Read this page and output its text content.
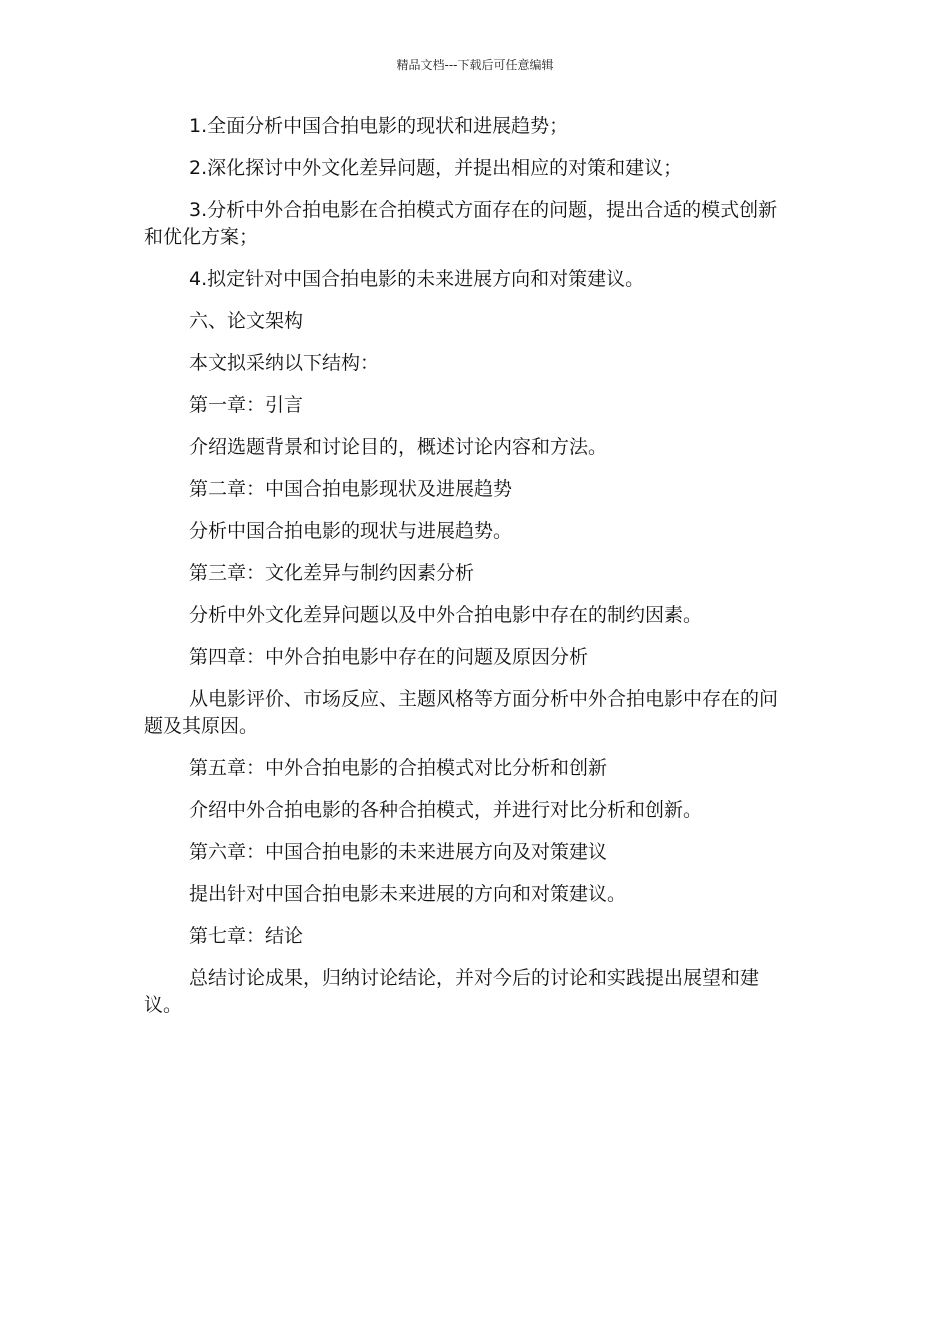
精品文档---下载后可任意编辑

1.全面分析中国合拍电影的现状和进展趋势；

2.深化探讨中外文化差异问题，并提出相应的对策和建议；

3.分析中外合拍电影在合拍模式方面存在的问题，提出合适的模式创新和优化方案；

4.拟定针对中国合拍电影的未来进展方向和对策建议。

六、论文架构

本文拟采纳以下结构：

第一章：引言

介绍选题背景和讨论目的，概述讨论内容和方法。

第二章：中国合拍电影现状及进展趋势

分析中国合拍电影的现状与进展趋势。

第三章：文化差异与制约因素分析

分析中外文化差异问题以及中外合拍电影中存在的制约因素。

第四章：中外合拍电影中存在的问题及原因分析

从电影评价、市场反应、主题风格等方面分析中外合拍电影中存在的问题及其原因。

第五章：中外合拍电影的合拍模式对比分析和创新

介绍中外合拍电影的各种合拍模式，并进行对比分析和创新。

第六章：中国合拍电影的未来进展方向及对策建议

提出针对中国合拍电影未来进展的方向和对策建议。

第七章：结论

总结讨论成果，归纳讨论结论，并对今后的讨论和实践提出展望和建议。
